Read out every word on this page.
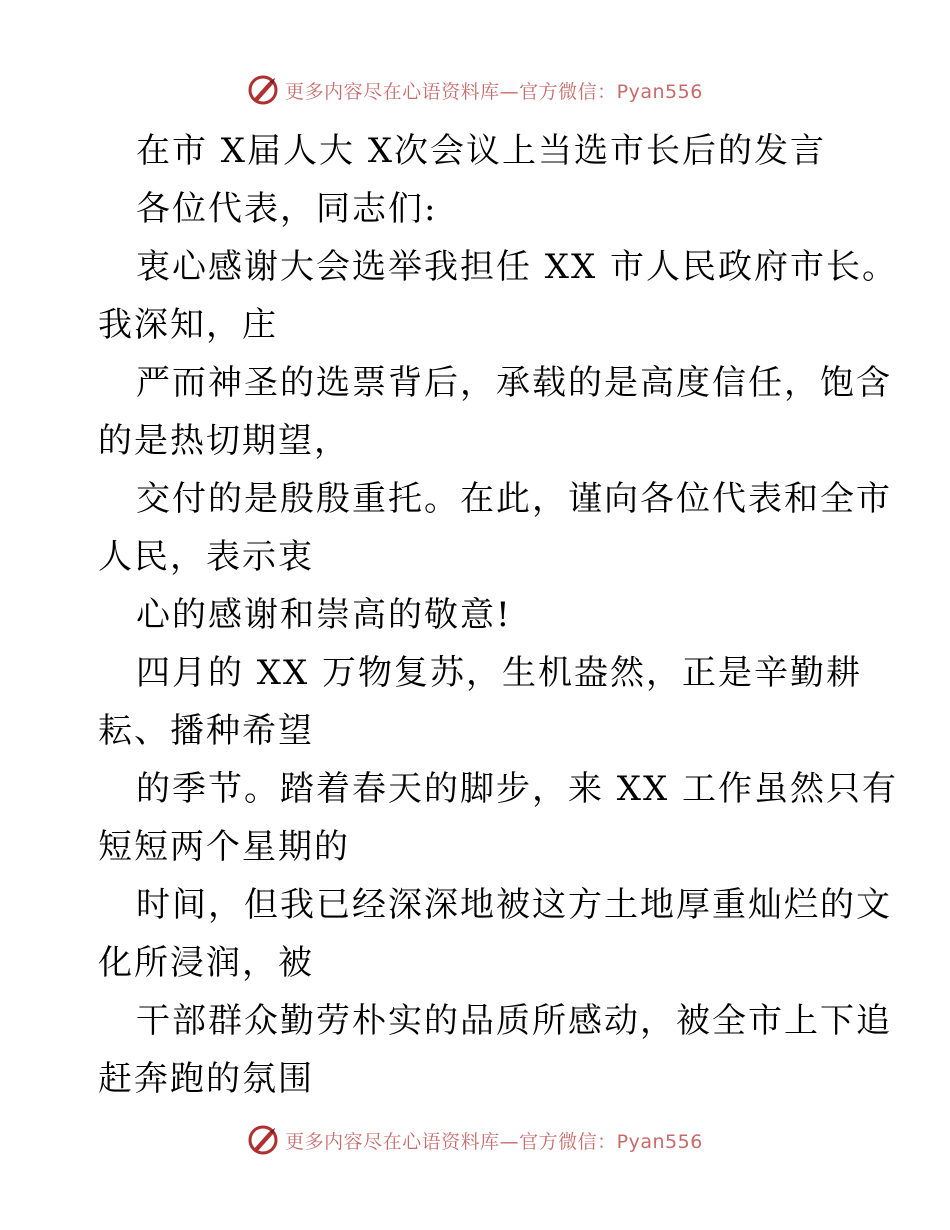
更多内容尽在心语资料库—官方微信：Pyan556

在市 X届人大 X次会议上当选市长后的发言

各位代表，同志们:

衷心感谢大会选举我担任 XX 市人民政府市长。

我深知，庄

严而神圣的选票背后，承载的是高度信任，饱含

的是热切期望，

交付的是殷殷重托。在此，谨向各位代表和全市

人民，表示衷

心的感谢和崇高的敬意!

四月的 XX 万物复苏，生机盎然，正是辛勤耕

耘、播种希望

的季节。踏着春天的脚步，来 XX 工作虽然只有

短短两个星期的

时间，但我已经深深地被这方土地厚重灿烂的文

化所浸润，被

干部群众勤劳朴实的品质所感动，被全市上下追

赶奔跑的氛围

更多内容尽在心语资料库—官方微信：Pyan556
